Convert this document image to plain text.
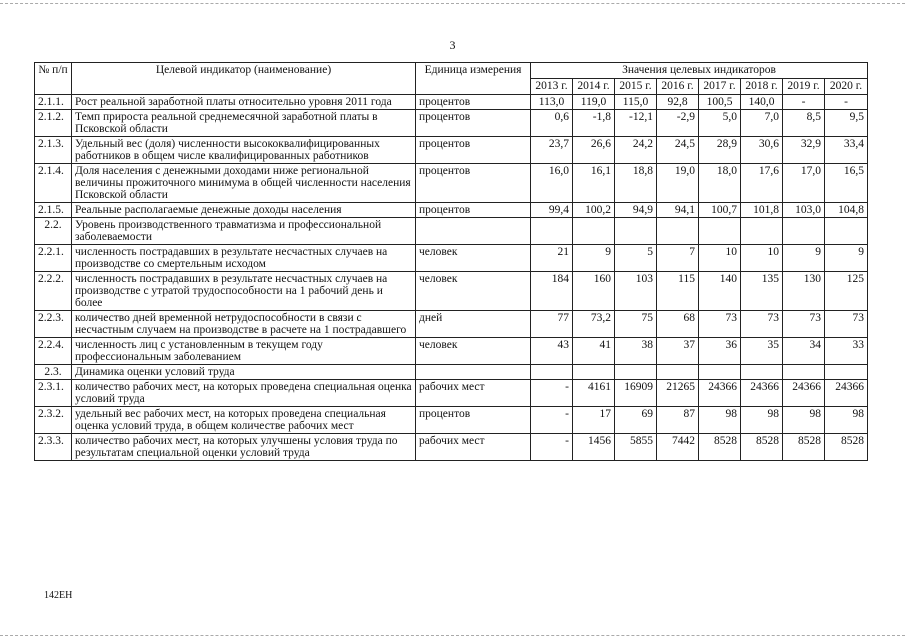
3
№ п/п	Целевой индикатор (наименование)	Единица измерения	Значения целевых индикаторов							
			2013 г.	2014 г.	2015 г.	2016 г.	2017 г.	2018 г.	2019 г.	2020 г.
2.1.1.	Рост реальной заработной платы относительно уровня 2011 года	процентов	113,0	119,0	115,0	92,8	100,5	140,0	-	-
2.1.2.	Темп прироста реальной среднемесячной заработной платы в Псковской области	процентов	0,6	-1,8	-12,1	-2,9	5,0	7,0	8,5	9,5
2.1.3.	Удельный вес (доля) численности высококвалифицированных работников в общем числе квалифицированных работников	процентов	23,7	26,6	24,2	24,5	28,9	30,6	32,9	33,4
2.1.4.	Доля населения с денежными доходами ниже региональной величины прожиточного минимума в общей численности населения Псковской области	процентов	16,0	16,1	18,8	19,0	18,0	17,6	17,0	16,5
2.1.5.	Реальные располагаемые денежные доходы населения	процентов	99,4	100,2	94,9	94,1	100,7	101,8	103,0	104,8
2.2.	Уровень производственного травматизма и профессиональной заболеваемости									
2.2.1.	численность пострадавших в результате несчастных случаев на производстве со смертельным исходом	человек	21	9	5	7	10	10	9	9
2.2.2.	численность пострадавших в результате несчастных случаев на производстве с утратой трудоспособности на 1 рабочий день и более	человек	184	160	103	115	140	135	130	125
2.2.3.	количество дней временной нетрудоспособности в связи с несчастным случаем на производстве в расчете на 1 пострадавшего	дней	77	73,2	75	68	73	73	73	73
2.2.4.	численность лиц с установленным в текущем году профессиональным заболеванием	человек	43	41	38	37	36	35	34	33
2.3.	Динамика оценки условий труда									
2.3.1.	количество рабочих мест, на которых проведена специальная оценка условий труда	рабочих мест	-	4161	16909	21265	24366	24366	24366	24366
2.3.2.	удельный вес рабочих мест, на которых проведена специальная оценка условий труда, в общем количестве рабочих мест	процентов	-	17	69	87	98	98	98	98
2.3.3.	количество рабочих мест, на которых улучшены условия труда по результатам специальной оценки условий труда	рабочих мест	-	1456	5855	7442	8528	8528	8528	8528
142ЕН
